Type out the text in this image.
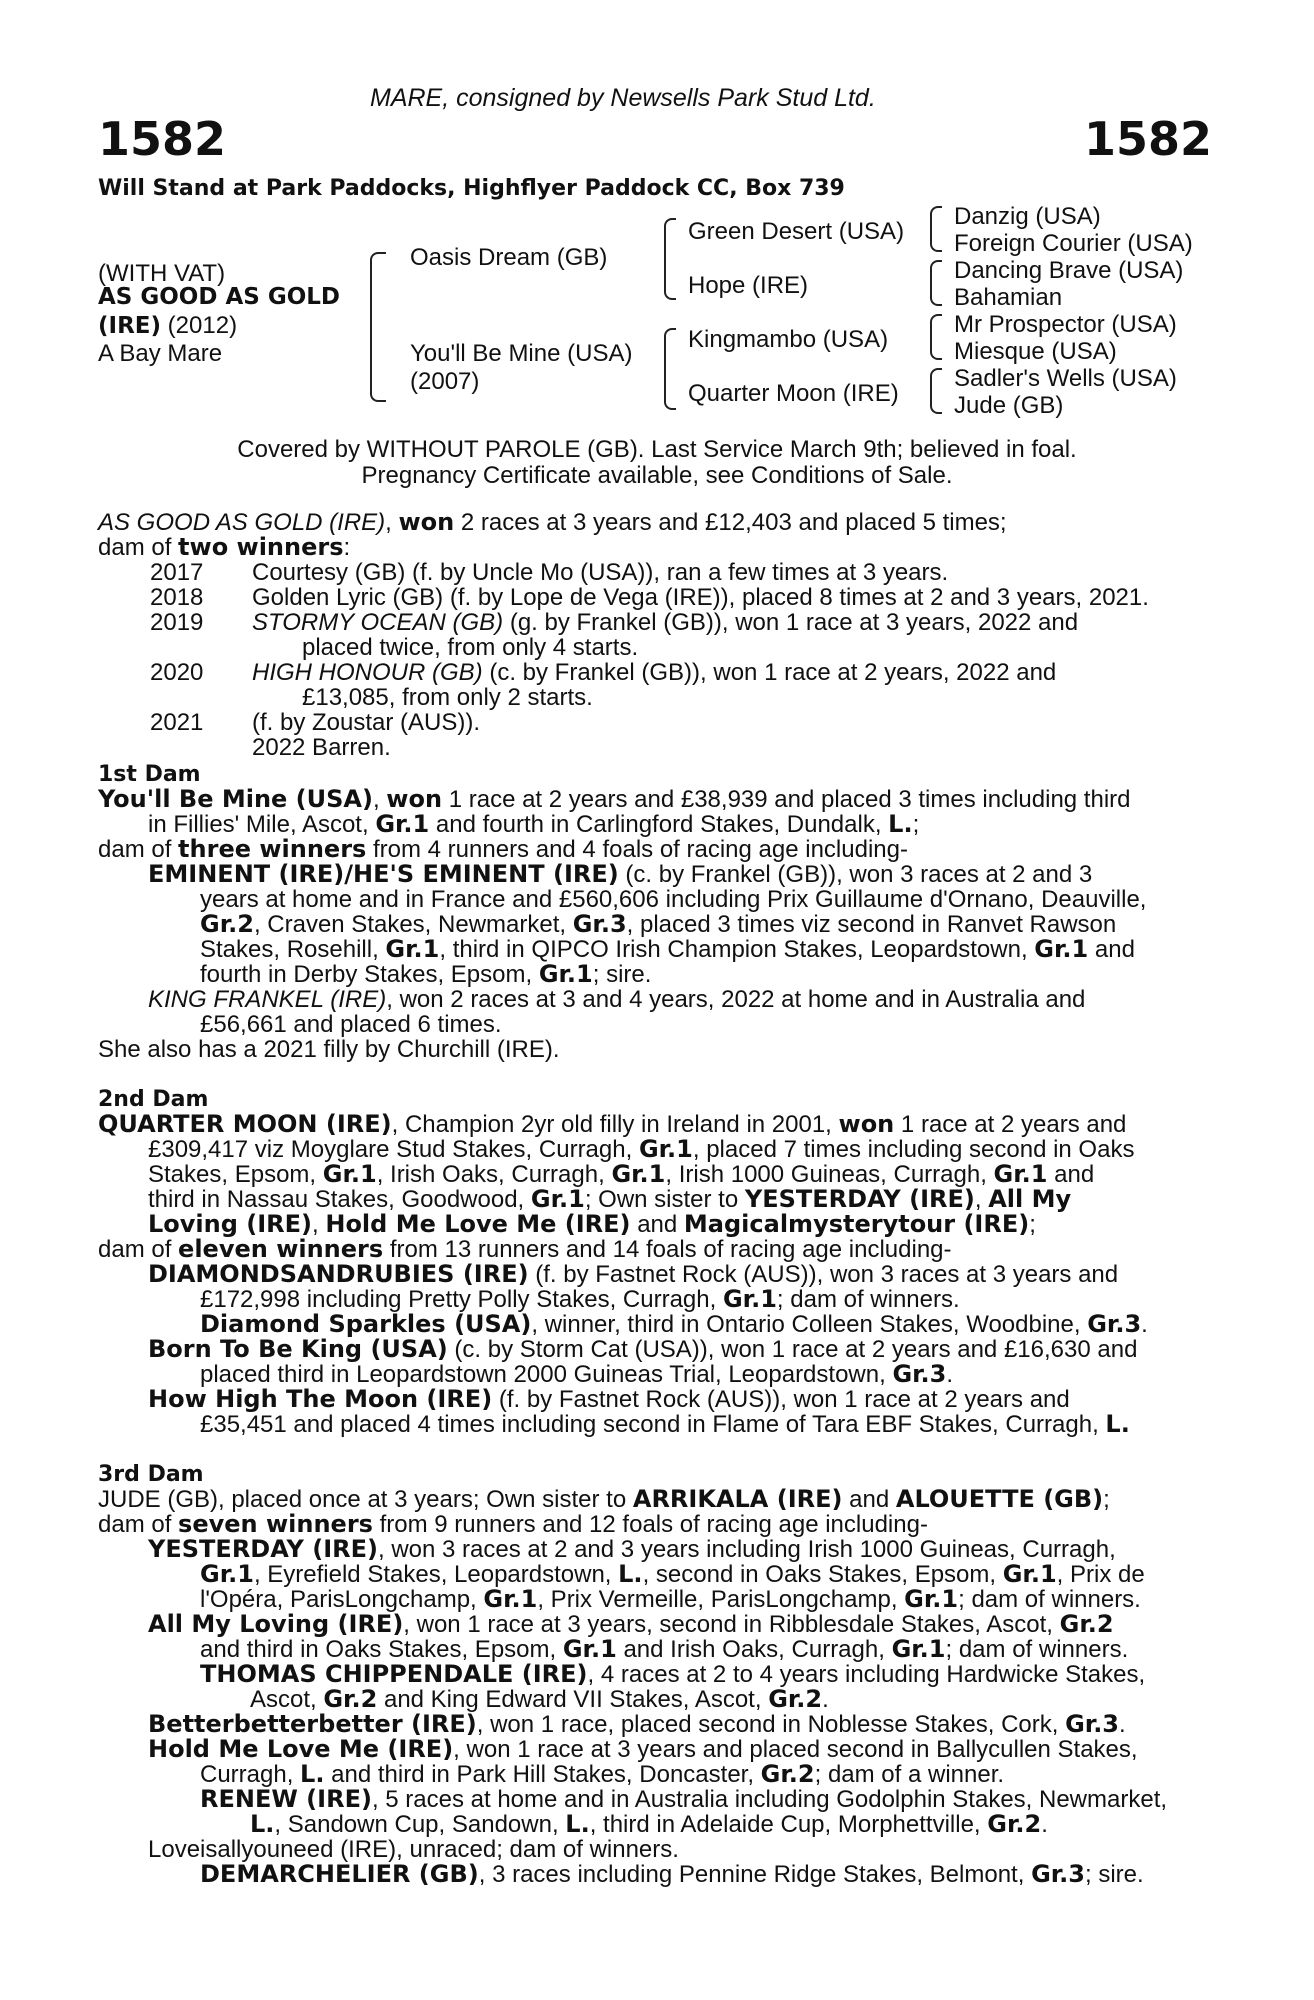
MARE, consigned by Newsells Park Stud Ltd.
1582	1582
Will Stand at Park Paddocks, Highflyer Paddock CC, Box 739
(WITH VAT)
AS GOOD AS GOLD
(IRE) (2012)
A Bay Mare
Oasis Dream (GB)
You'll Be Mine (USA)
(2007)
Green Desert (USA)
Hope (IRE)
Kingmambo (USA)
Quarter Moon (IRE)
Danzig (USA)
Foreign Courier (USA)
Dancing Brave (USA)
Bahamian
Mr Prospector (USA)
Miesque (USA)
Sadler's Wells (USA)
Jude (GB)
Covered by WITHOUT PAROLE (GB). Last Service March 9th; believed in foal.
Pregnancy Certificate available, see Conditions of Sale.
AS GOOD AS GOLD (IRE), won 2 races at 3 years and £12,403 and placed 5 times;
dam of two winners:
2017 Courtesy (GB) (f. by Uncle Mo (USA)), ran a few times at 3 years.
2018 Golden Lyric (GB) (f. by Lope de Vega (IRE)), placed 8 times at 2 and 3 years, 2021.
2019 STORMY OCEAN (GB) (g. by Frankel (GB)), won 1 race at 3 years, 2022 and
placed twice, from only 4 starts.
2020 HIGH HONOUR (GB) (c. by Frankel (GB)), won 1 race at 2 years, 2022 and
£13,085, from only 2 starts.
2021 (f. by Zoustar (AUS)).
2022 Barren.
1st Dam
You'll Be Mine (USA), won 1 race at 2 years and £38,939 and placed 3 times including third
in Fillies' Mile, Ascot, Gr.1 and fourth in Carlingford Stakes, Dundalk, L.;
dam of three winners from 4 runners and 4 foals of racing age including-
EMINENT (IRE)/HE'S EMINENT (IRE) (c. by Frankel (GB)), won 3 races at 2 and 3
years at home and in France and £560,606 including Prix Guillaume d'Ornano, Deauville,
Gr.2, Craven Stakes, Newmarket, Gr.3, placed 3 times viz second in Ranvet Rawson
Stakes, Rosehill, Gr.1, third in QIPCO Irish Champion Stakes, Leopardstown, Gr.1 and
fourth in Derby Stakes, Epsom, Gr.1; sire.
KING FRANKEL (IRE), won 2 races at 3 and 4 years, 2022 at home and in Australia and
£56,661 and placed 6 times.
She also has a 2021 filly by Churchill (IRE).
2nd Dam
QUARTER MOON (IRE), Champion 2yr old filly in Ireland in 2001, won 1 race at 2 years and
£309,417 viz Moyglare Stud Stakes, Curragh, Gr.1, placed 7 times including second in Oaks
Stakes, Epsom, Gr.1, Irish Oaks, Curragh, Gr.1, Irish 1000 Guineas, Curragh, Gr.1 and
third in Nassau Stakes, Goodwood, Gr.1; Own sister to YESTERDAY (IRE), All My
Loving (IRE), Hold Me Love Me (IRE) and Magicalmysterytour (IRE);
dam of eleven winners from 13 runners and 14 foals of racing age including-
DIAMONDSANDRUBIES (IRE) (f. by Fastnet Rock (AUS)), won 3 races at 3 years and
£172,998 including Pretty Polly Stakes, Curragh, Gr.1; dam of winners.
Diamond Sparkles (USA), winner, third in Ontario Colleen Stakes, Woodbine, Gr.3.
Born To Be King (USA) (c. by Storm Cat (USA)), won 1 race at 2 years and £16,630 and
placed third in Leopardstown 2000 Guineas Trial, Leopardstown, Gr.3.
How High The Moon (IRE) (f. by Fastnet Rock (AUS)), won 1 race at 2 years and
£35,451 and placed 4 times including second in Flame of Tara EBF Stakes, Curragh, L.
3rd Dam
JUDE (GB), placed once at 3 years; Own sister to ARRIKALA (IRE) and ALOUETTE (GB);
dam of seven winners from 9 runners and 12 foals of racing age including-
YESTERDAY (IRE), won 3 races at 2 and 3 years including Irish 1000 Guineas, Curragh,
Gr.1, Eyrefield Stakes, Leopardstown, L., second in Oaks Stakes, Epsom, Gr.1, Prix de
l'Opéra, ParisLongchamp, Gr.1, Prix Vermeille, ParisLongchamp, Gr.1; dam of winners.
All My Loving (IRE), won 1 race at 3 years, second in Ribblesdale Stakes, Ascot, Gr.2
and third in Oaks Stakes, Epsom, Gr.1 and Irish Oaks, Curragh, Gr.1; dam of winners.
THOMAS CHIPPENDALE (IRE), 4 races at 2 to 4 years including Hardwicke Stakes,
Ascot, Gr.2 and King Edward VII Stakes, Ascot, Gr.2.
Betterbetterbetter (IRE), won 1 race, placed second in Noblesse Stakes, Cork, Gr.3.
Hold Me Love Me (IRE), won 1 race at 3 years and placed second in Ballycullen Stakes,
Curragh, L. and third in Park Hill Stakes, Doncaster, Gr.2; dam of a winner.
RENEW (IRE), 5 races at home and in Australia including Godolphin Stakes, Newmarket,
L., Sandown Cup, Sandown, L., third in Adelaide Cup, Morphettville, Gr.2.
Loveisallyouneed (IRE), unraced; dam of winners.
DEMARCHELIER (GB), 3 races including Pennine Ridge Stakes, Belmont, Gr.3; sire.
